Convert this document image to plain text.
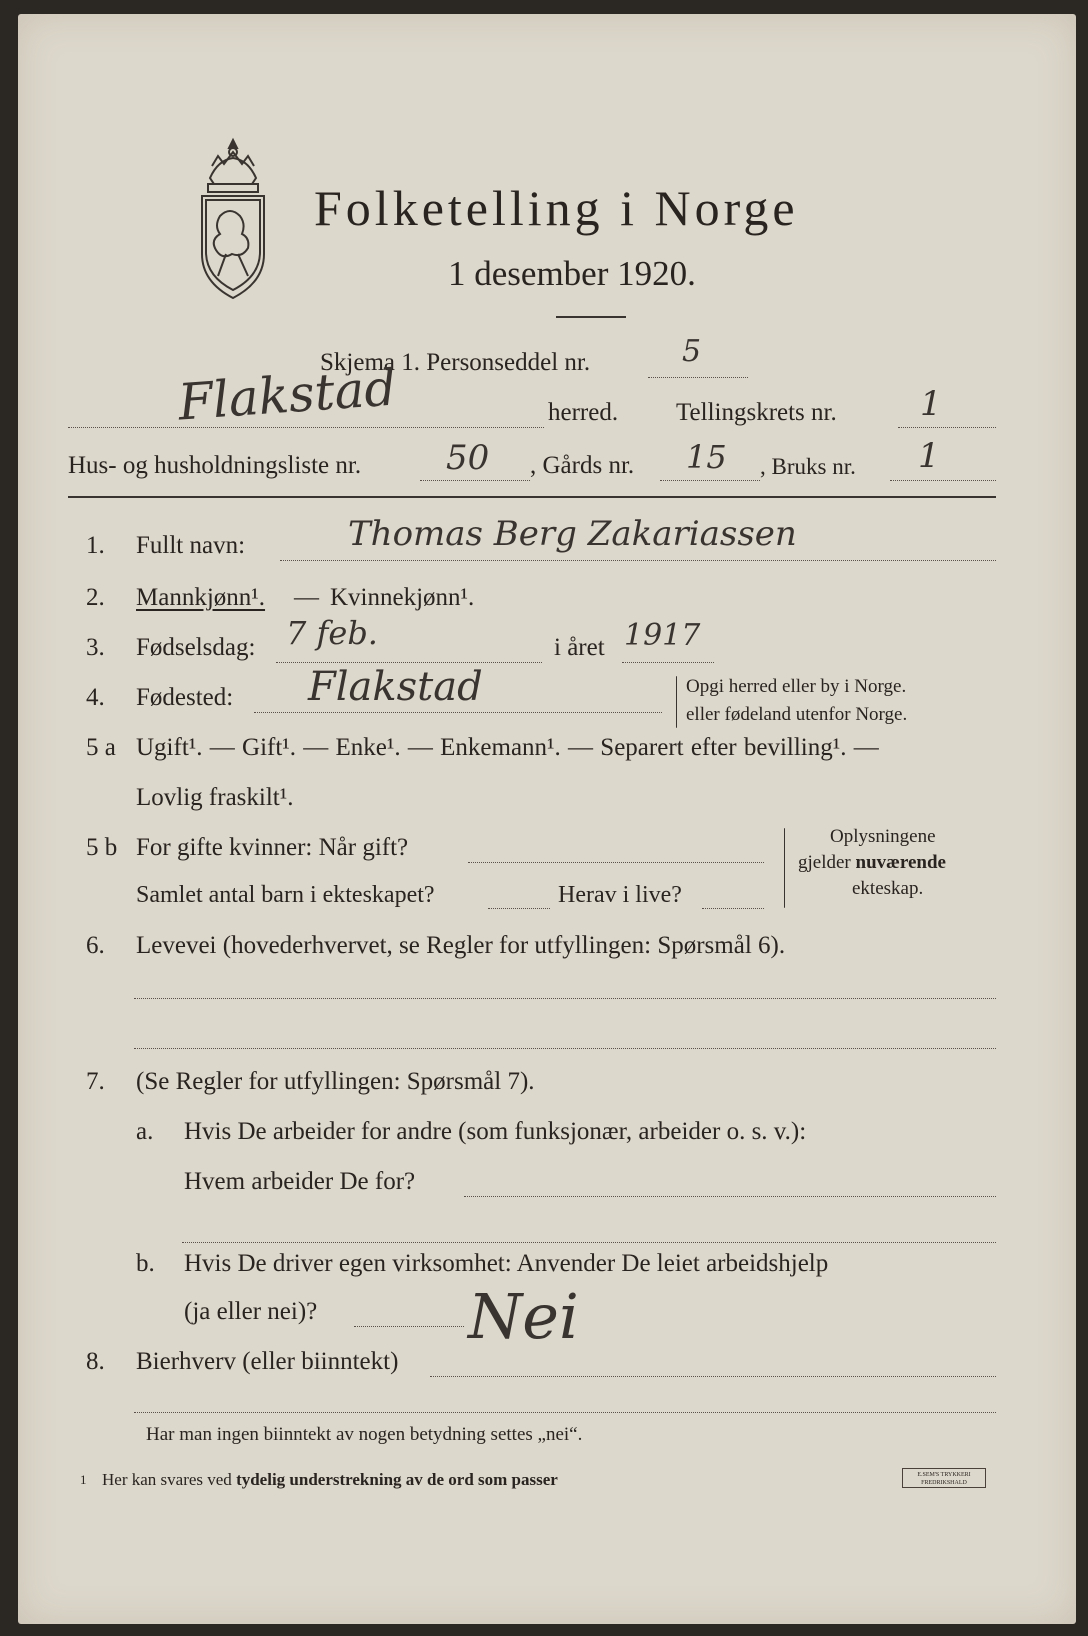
Folketelling i Norge
1 desember 1920.
Skjema 1. Personseddel nr.	5
Flakstad	herred. Tellingskrets nr. 1
Hus- og husholdningsliste nr. 50 , Gårds nr. 15 , Bruks nr. 1
1. Fullt navn:	Thomas Berg Zakariassen
2. Mannkjønn¹. — Kvinnekjønn¹.
3. Fødselsdag: 7 feb.	i året 1917
4. Fødested: Flakstad	Opgi herred eller by i Norge.
eller fødeland utenfor Norge.
5 a Ugift¹. — Gift¹. — Enke¹. — Enkemann¹. — Separert efter bevilling¹. —
Lovlig fraskilt¹.
5 b For gifte kvinner: Når gift?
Samlet antal barn i ekteskapet?	Herav i live?
Oplysningene
gjelder nuværende
ekteskap.
6. Levevei (hovederhvervet, se Regler for utfyllingen: Spørsmål 6).
7. (Se Regler for utfyllingen: Spørsmål 7).
a. Hvis De arbeider for andre (som funksjonær, arbeider o. s. v.):
Hvem arbeider De for?
b. Hvis De driver egen virksomhet: Anvender De leiet arbeidshjelp
(ja eller nei)? Nei
8. Bierhverv (eller biinntekt)
Har man ingen biinntekt av nogen betydning settes „nei“.
1 Her kan svares ved tydelig understrekning av de ord som passer	E.SEM'S TRYKKERI FREDRIKSHALD
